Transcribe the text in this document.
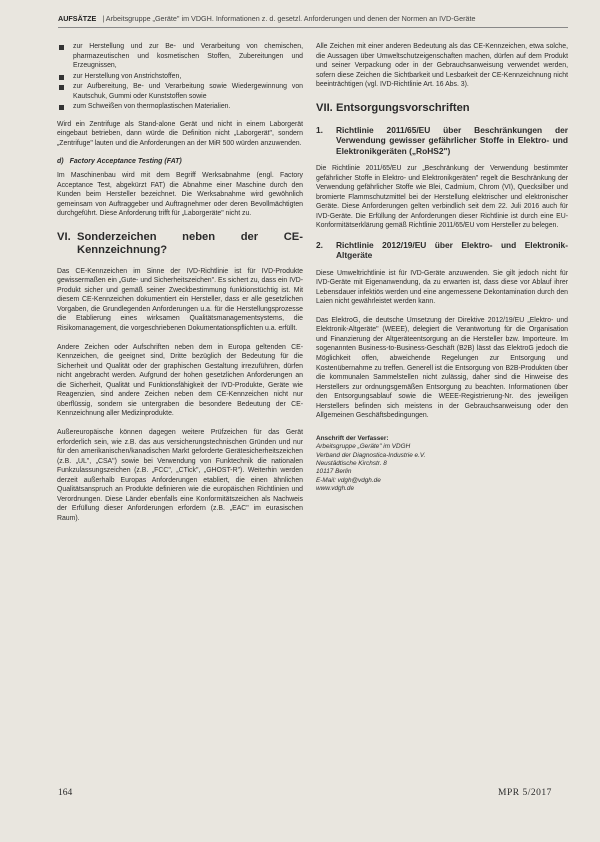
AUFSÄTZE | Arbeitsgruppe „Geräte" im VDGH. Informationen z. d. gesetzl. Anforderungen und denen der Normen an IVD-Geräte
zur Herstellung und zur Be- und Verarbeitung von chemischen, pharmazeutischen und kosmetischen Stoffen, Zubereitungen und Erzeugnissen,
zur Herstellung von Anstrichstoffen,
zur Aufbereitung, Be- und Verarbeitung sowie Wiedergewinnung von Kautschuk, Gummi oder Kunststoffen sowie
zum Schweißen von thermoplastischen Materialien.

Wird ein Zentrifuge als Stand-alone Gerät und nicht in einem Laborgerät eingebaut betrieben, dann würde die Definition nicht „Laborgerät", sondern „Zentrifuge" lauten und die Anforderungen an der MiR 500 würden anzuwenden.

d) Factory Acceptance Testing (FAT)

Im Maschinenbau wird mit dem Begriff Werksabnahme (engl. Factory Acceptance Test, abgekürzt FAT) die Abnahme einer Maschine durch den Kunden beim Hersteller bezeichnet. Die Werksabnahme wird gewöhnlich gemeinsam von Auftraggeber und Auftragnehmer oder deren Bevollmächtigten durchgeführt. Diese Anforderung trifft für „Laborgeräte" nicht zu.

VI. Sonderzeichen neben der CE-Kennzeichnung?

Das CE-Kennzeichen im Sinne der IVD-Richtlinie ist für IVD-Produkte gewissermaßen ein „Gute- und Sicherheitszeichen". Es sichert zu, dass ein IVD-Produkt sicher und gemäß seiner Zweckbestimmung funktionstüchtig ist. Mit diesem CE-Kennzeichen dokumentiert ein Hersteller, dass er alle gesetzlichen Vorgaben, die Grundlegenden Anforderungen u.a. für die Herstellungsprozesse die Etablierung eines wirksamen Qualitätsmanagementsystems, die Risikomanagement, die vorgeschriebenen Dokumentationspflichten u.a. erfüllt.

Andere Zeichen oder Aufschriften neben dem in Europa geltenden CE-Kennzeichen, die geeignet sind, Dritte bezüglich der Bedeutung für die Sicherheit und Qualität oder der graphischen Gestaltung irrezuführen, dürfen nicht angebracht werden. Aufgrund der hohen gesetzlichen Anforderungen an die Sicherheit, Qualität und Funktionsfähigkeit der IVD-Produkte, Geräte wie Reagenzien, sind andere Zeichen neben dem CE-Kennzeichen nicht nur überflüssig, sondern sie untergraben die besondere Bedeutung der CE-Kennzeichnung aller Medizinprodukte.

Außereuropäische können dagegen weitere Prüfzeichen für das Gerät erforderlich sein, wie z.B. das aus versicherungstechnischen Gründen und nur für den amerikanischen/kanadischen Markt geforderte Gerätesicherheitszeichen (z.B. „UL", „CSA") sowie bei Verwendung von Funktechnik die nationalen Funkzulassungszeichen (z.B. „FCC", „CTick", „GHOST-R"). Weiterhin werden derzeit außerhalb Europas Anforderungen etabliert, die einen ähnlichen Qualitätsanspruch an Produkte definieren wie die europäischen Richtlinien und Verordnungen. Diese Länder ebenfalls eine Konformitätszeichen als Nachweis der Erfüllung dieser Anforderungen erfordern (z.B. „EAC" im eurasischen Raum).

Alle Zeichen mit einer anderen Bedeutung als das CE-Kennzeichen, etwa solche, die Aussagen über Umweltschutzeigenschaften machen, dürfen auf dem Produkt und seiner Verpackung oder in der Gebrauchsanweisung verwendet werden, sofern diese Zeichen die Sichtbarkeit und Lesbarkeit der CE-Kennzeichnung nicht beeinträchtigen (vgl. IVD-Richtlinie Art. 16 Abs. 3).

VII. Entsorgungsvorschriften
1.	Richtlinie 2011/65/EU über Beschränkungen der Verwendung gewisser gefährlicher Stoffe in Elektro- und Elektronikgeräten („RoHS2")

Die Richtlinie 2011/65/EU zur „Beschränkung der Verwendung bestimmter gefährlicher Stoffe in Elektro- und Elektronikgeräten" regelt die Beschränkung der Verwendung gefährlicher Stoffe wie Blei, Cadmium, Chrom (VI), Quecksilber und bromierte Flammschutzmittel bei der Herstellung elektrischer und elektronischer Geräte. Diese Anforderungen gelten verbindlich seit dem 22. Juli 2016 auch für IVD-Geräte. Die Erfüllung der Anforderungen dieser Richtlinie ist durch eine EU-Konformitätserklärung gemäß Richtlinie 2011/65/EU vom Hersteller zu belegen.

2.	Richtlinie 2012/19/EU über Elektro- und Elektronik-Altgeräte

Diese Umweltrichtlinie ist für IVD-Geräte anzuwenden. Sie gilt jedoch nicht für IVD-Geräte mit Eigenanwendung, da zu erwarten ist, dass diese vor Ablauf ihrer Lebensdauer infektiös werden und eine angemessene Dekontamination durch den Laien nicht gewährleistet werden kann.

Das ElektroG, die deutsche Umsetzung der Direktive 2012/19/EU „Elektro- und Elektronik-Altgeräte" (WEEE), delegiert die Verantwortung für die Organisation und Finanzierung der Altgeräteentsorgung an die Hersteller bzw. Importeure. Im sogenannten Business-to-Business-Geschäft (B2B) lässt das ElektroG jedoch die Möglichkeit offen, abweichende Regelungen zur Entsorgung und Kostenübernahme zu treffen. Generell ist die Entsorgung von B2B-Produkten über die kommunalen Sammelstellen nicht zulässig, daher sind die Hinweise des Herstellers zur ordnungsgemäßen Entsorgung zu beachten. Informationen über den Entsorgungsablauf sowie die WEEE-Registrierung-Nr. des jeweiligen Herstellers befinden sich meistens in der Gebrauchsanweisung oder den Allgemeinen Geschäftsbedingungen.

Anschrift der Verfasser:
Arbeitsgruppe „Geräte" im VDGH
Verband der Diagnostica-Industrie e.V.
Neustädtische Kirchstr. 8
10117 Berlin
E-Mail: vdgh@vdgh.de
www.vdgh.de
164	MPR 5/2017
